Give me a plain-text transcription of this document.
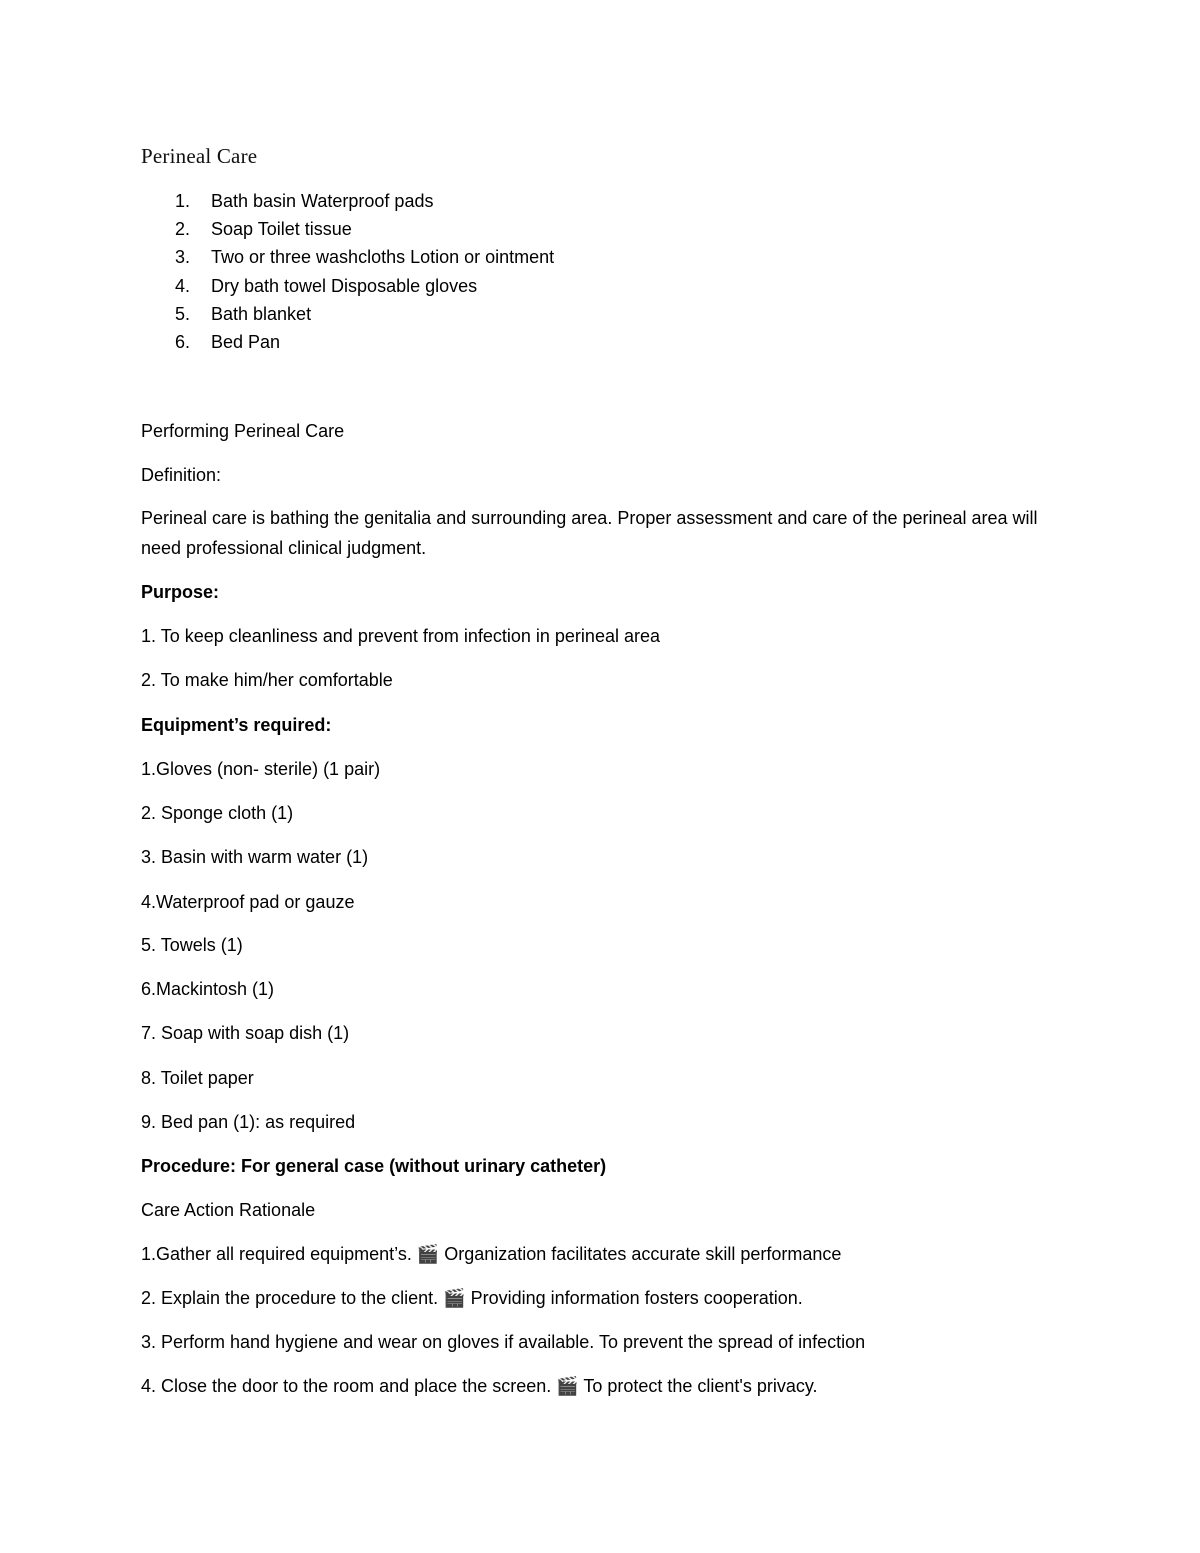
Perineal Care
1. Bath basin Waterproof pads
2. Soap Toilet tissue
3. Two or three washcloths Lotion or ointment
4. Dry bath towel Disposable gloves
5. Bath blanket
6. Bed Pan
Performing Perineal Care
Definition:
Perineal care is bathing the genitalia and surrounding area. Proper assessment and care of the perineal area will need professional clinical judgment.
Purpose:
1. To keep cleanliness and prevent from infection in perineal area
2. To make him/her comfortable
Equipment’s required:
1.Gloves (non- sterile) (1 pair)
2. Sponge cloth (1)
3. Basin with warm water (1)
4.Waterproof pad or gauze
5. Towels (1)
6.Mackintosh (1)
7. Soap with soap dish (1)
8. Toilet paper
9. Bed pan (1): as required
Procedure: For general case (without urinary catheter)
Care Action Rationale
1.Gather all required equipment’s. 🎬 Organization facilitates accurate skill performance
2. Explain the procedure to the client. 🎬 Providing information fosters cooperation.
3. Perform hand hygiene and wear on gloves if available. To prevent the spread of infection
4. Close the door to the room and place the screen. 🎬 To protect the client's privacy.
